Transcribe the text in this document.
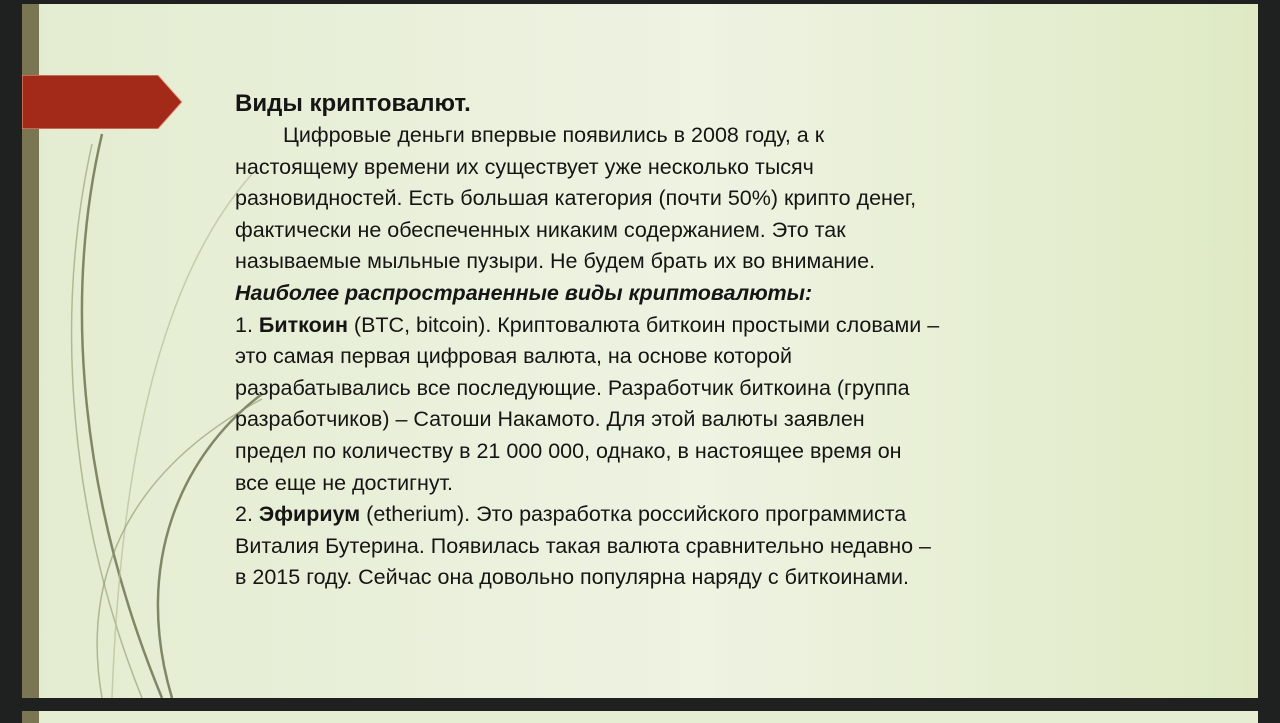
Виды криптовалют.
Цифровые деньги впервые появились в 2008 году, а к
настоящему времени их существует уже несколько тысяч
разновидностей. Есть большая категория (почти 50%) крипто денег,
фактически не обеспеченных никаким содержанием. Это так
называемые мыльные пузыри. Не будем брать их во внимание.
Наиболее распространенные виды криптовалюты:
1. Биткоин (BTC, bitcoin). Криптовалюта биткоин простыми словами –
это самая первая цифровая валюта, на основе которой
разрабатывались все последующие. Разработчик биткоина (группа
разработчиков) – Сатоши Накамото. Для этой валюты заявлен
предел по количеству в 21 000 000, однако, в настоящее время он
все еще не достигнут.
2. Эфириум (etherium). Это разработка российского программиста
Виталия Бутерина. Появилась такая валюта сравнительно недавно –
в 2015 году. Сейчас она довольно популярна наряду с биткоинами.
